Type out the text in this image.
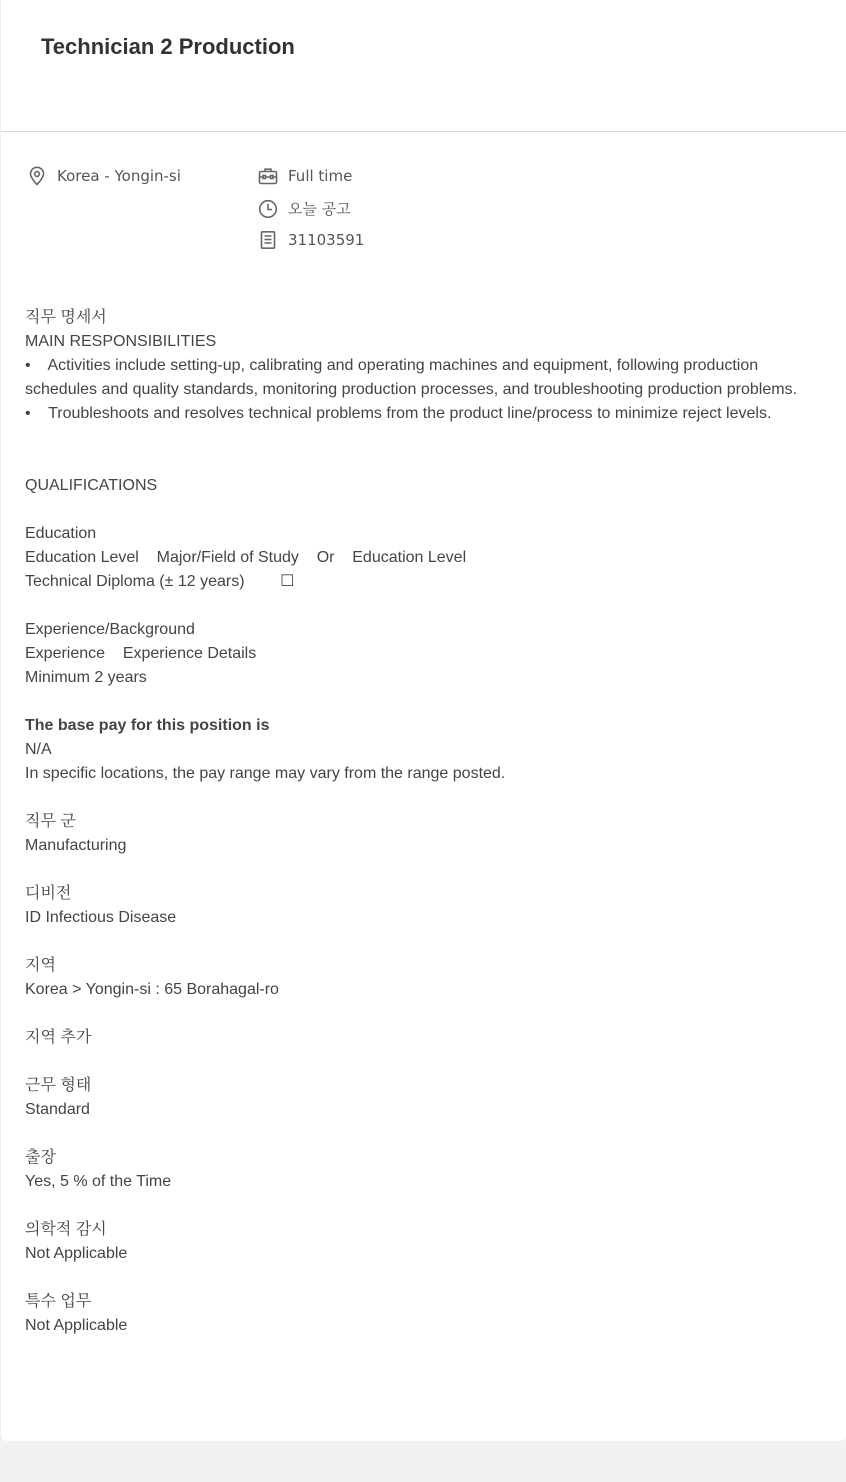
Technician 2 Production
Korea - Yongin-si	Full time
오늘 공고
31103591
직무 명세서
MAIN RESPONSIBILITIES
•    Activities include setting-up, calibrating and operating machines and equipment, following production schedules and quality standards, monitoring production processes, and troubleshooting production problems.
•    Troubleshoots and resolves technical problems from the product line/process to minimize reject levels.
QUALIFICATIONS
Education
Education Level    Major/Field of Study    Or    Education Level
Technical Diploma (± 12 years)        ☐
Experience/Background
Experience    Experience Details
Minimum 2 years
The base pay for this position is
N/A
In specific locations, the pay range may vary from the range posted.
직무 군
Manufacturing
디비전
ID Infectious Disease
지역
Korea > Yongin-si : 65 Borahagal-ro
지역 추가
근무 형태
Standard
출장
Yes, 5 % of the Time
의학적 감시
Not Applicable
특수 업무
Not Applicable
